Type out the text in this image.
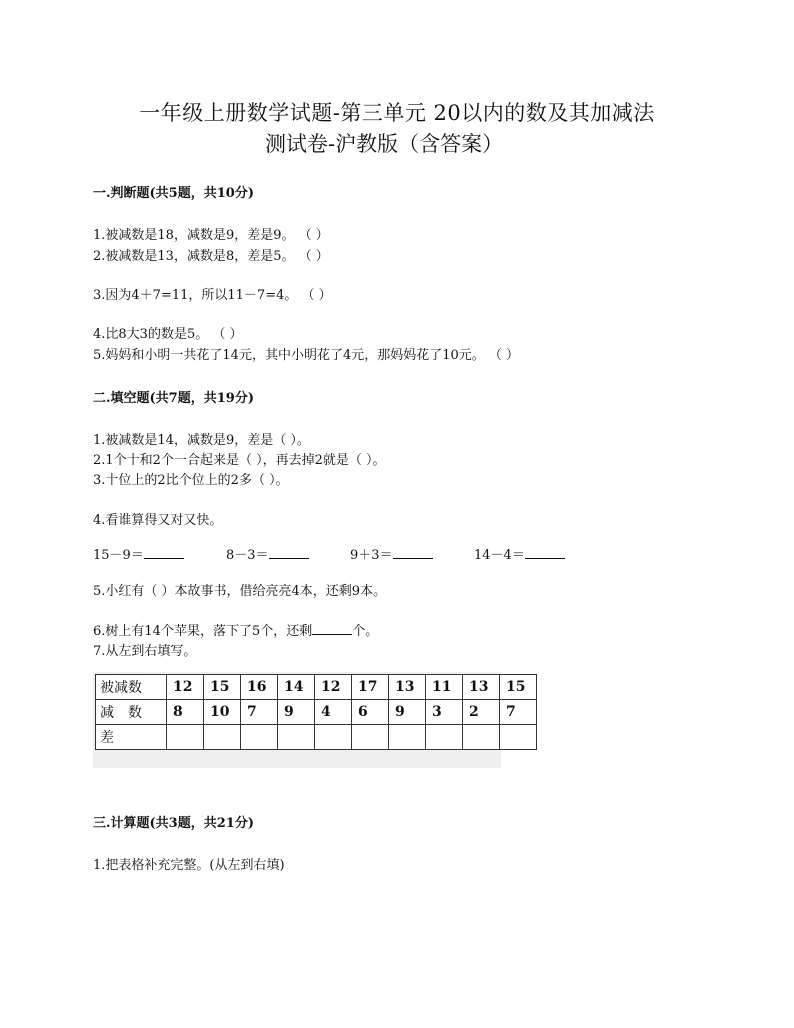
一年级上册数学试题-第三单元 20以内的数及其加减法
测试卷-沪教版（含答案）
一.判断题(共5题，共10分)
1.被减数是18，减数是9，差是9。 （ ）
2.被减数是13，减数是8，差是5。 （ ）
3.因为4＋7=11，所以11－7=4。 （ ）
4.比8大3的数是5。 （ ）
5.妈妈和小明一共花了14元，其中小明花了4元，那妈妈花了10元。 （ ）
二.填空题(共7题，共19分)
1.被减数是14，减数是9，差是（ ）。
2.1个十和2个一合起来是（ ），再去掉2就是（ ）。
3.十位上的2比个位上的2多（ ）。
4.看谁算得又对又快。
15－9＝	8－3＝	9＋3＝	14－4＝
5.小红有（ ）本故事书，借给亮亮4本，还剩9本。
6.树上有14个苹果，落下了5个，还剩	个。
7.从左到右填写。
被减数	12	15	16	14	12	17	13	11	13	15
减　数	8	10	7	9	4	6	9	3	2	7
差										
三.计算题(共3题，共21分)
1.把表格补充完整。(从左到右填)
